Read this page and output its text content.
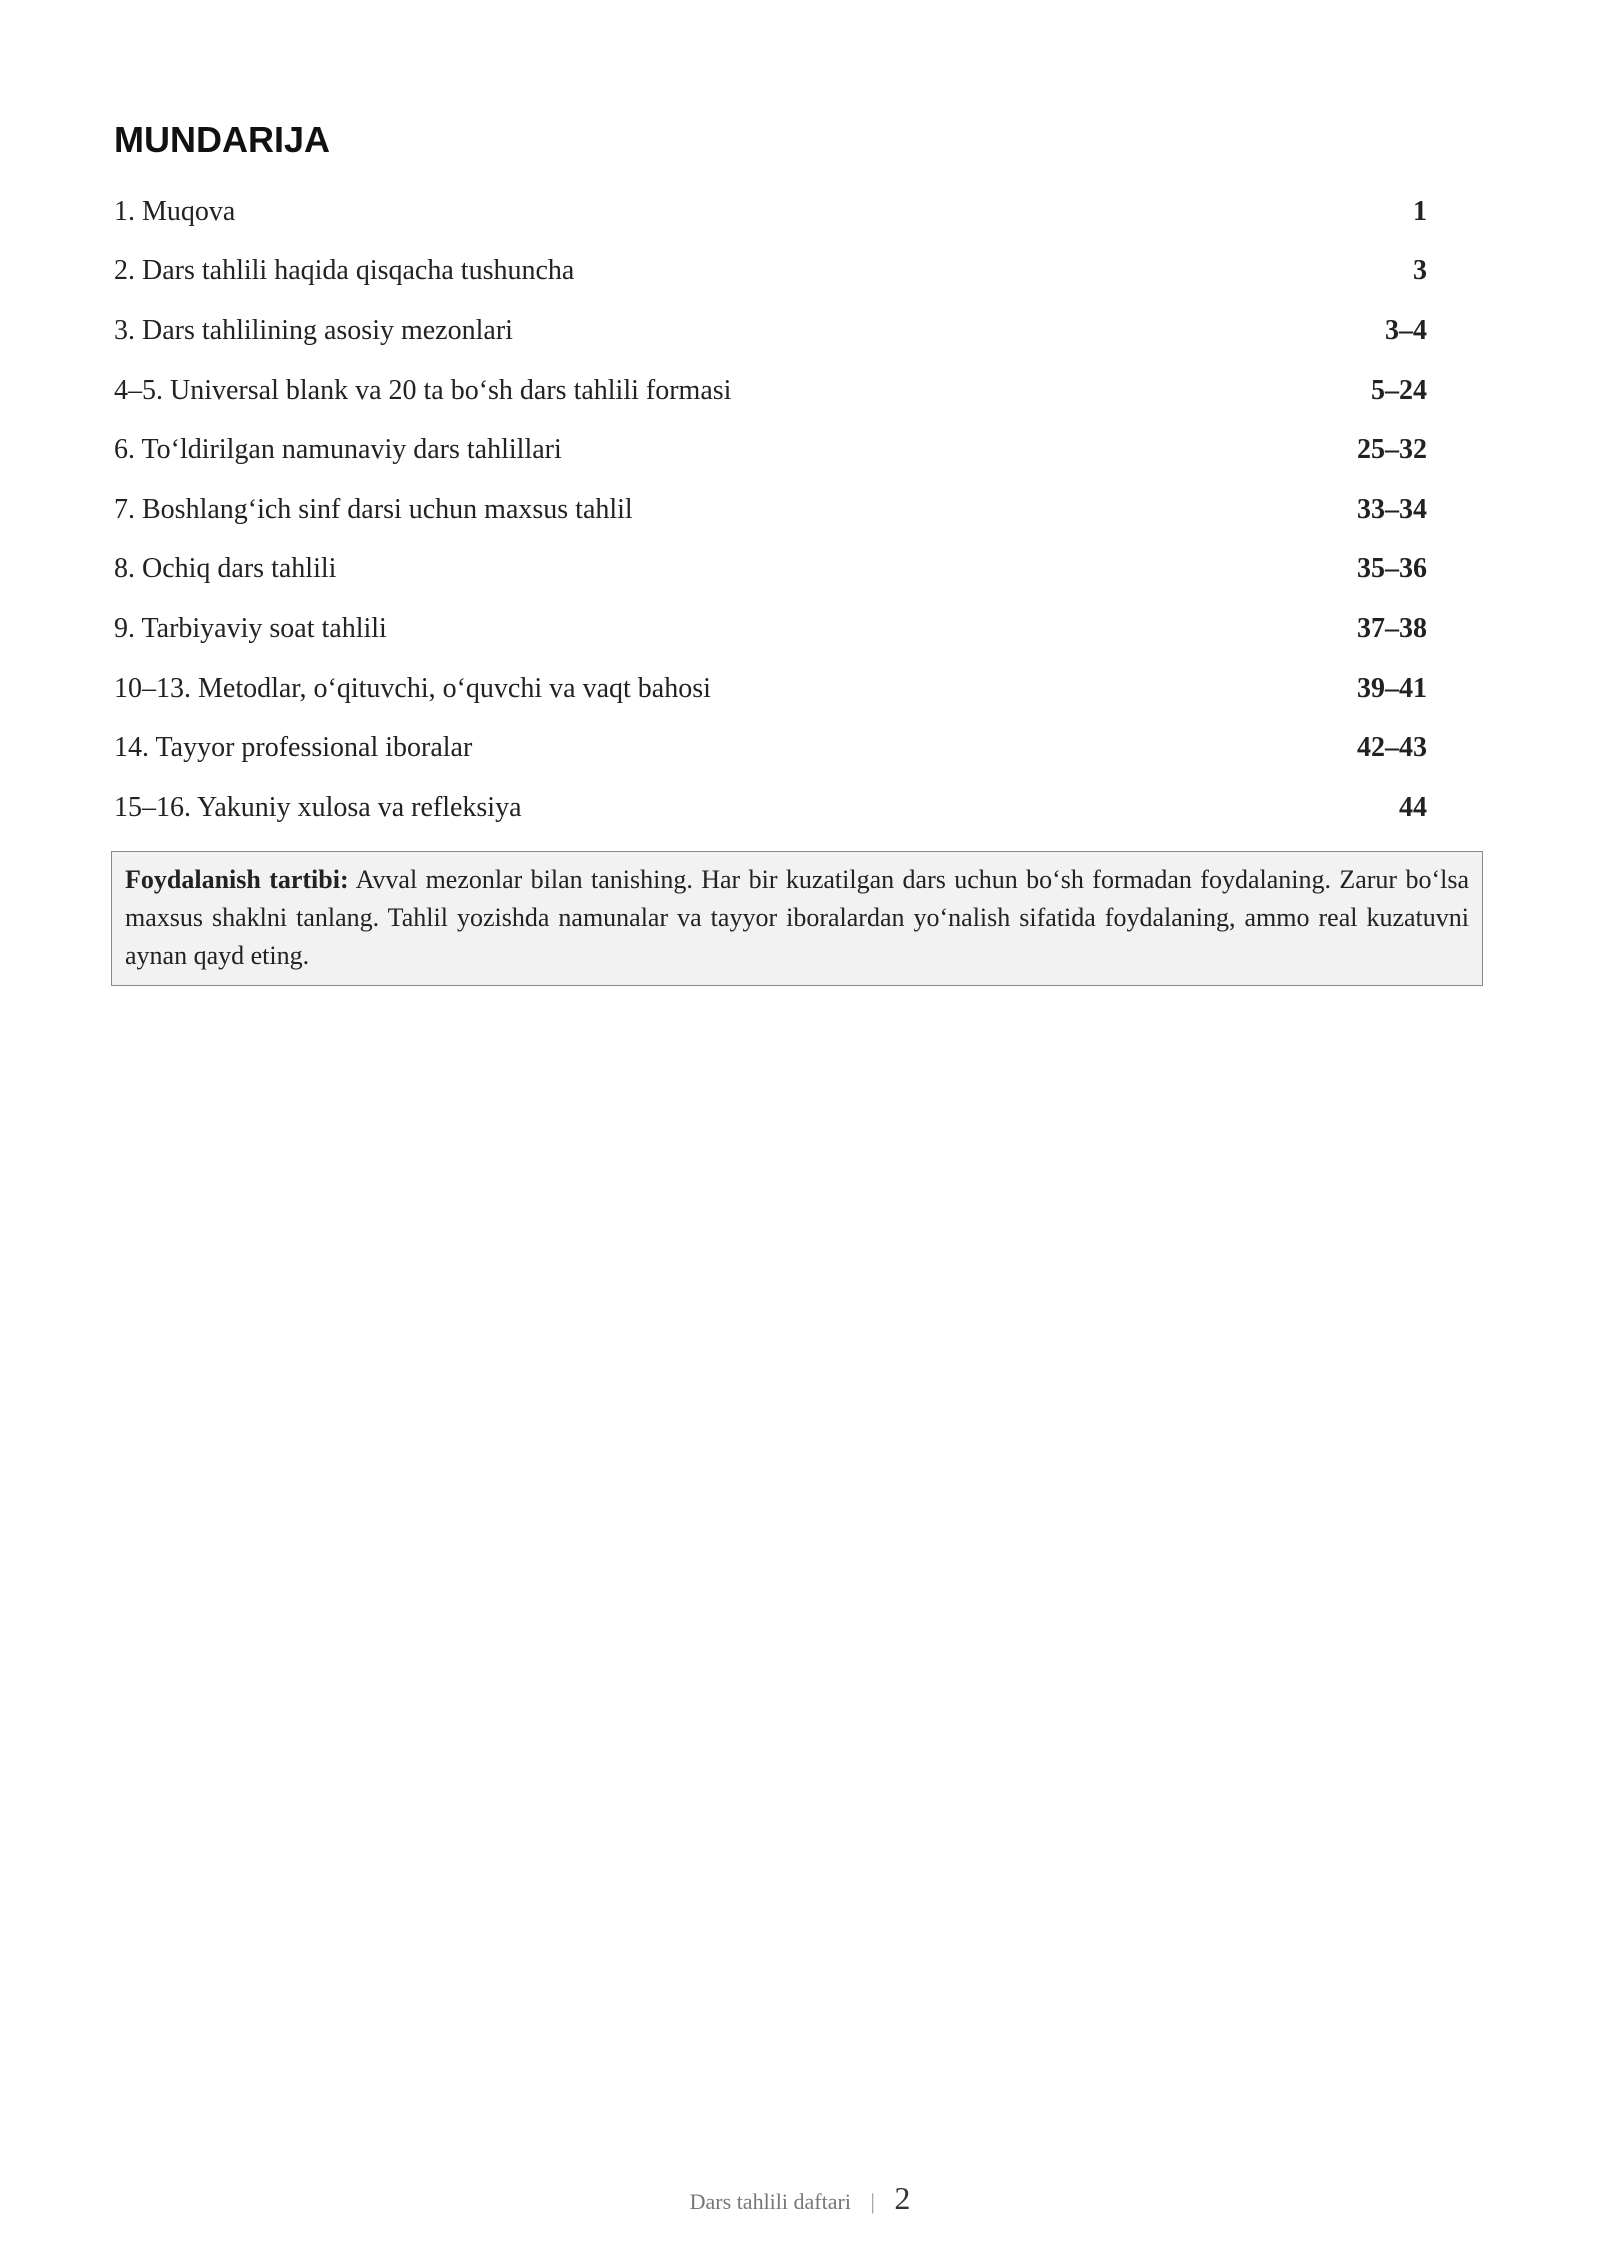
MUNDARIJA
1. Muqova	1
2. Dars tahlili haqida qisqacha tushuncha	3
3. Dars tahlilining asosiy mezonlari	3–4
4–5. Universal blank va 20 ta bo‘sh dars tahlili formasi	5–24
6. To‘ldirilgan namunaviy dars tahlillari	25–32
7. Boshlang‘ich sinf darsi uchun maxsus tahlil	33–34
8. Ochiq dars tahlili	35–36
9. Tarbiyaviy soat tahlili	37–38
10–13. Metodlar, o‘qituvchi, o‘quvchi va vaqt bahosi	39–41
14. Tayyor professional iboralar	42–43
15–16. Yakuniy xulosa va refleksiya	44
Foydalanish tartibi: Avval mezonlar bilan tanishing. Har bir kuzatilgan dars uchun bo‘sh formadan foydalaning. Zarur bo‘lsa maxsus shaklni tanlang. Tahlil yozishda namunalar va tayyor iboralardan yo‘nalish sifatida foydalaning, ammo real kuzatuvni aynan qayd eting.
Dars tahlili daftari | 2
